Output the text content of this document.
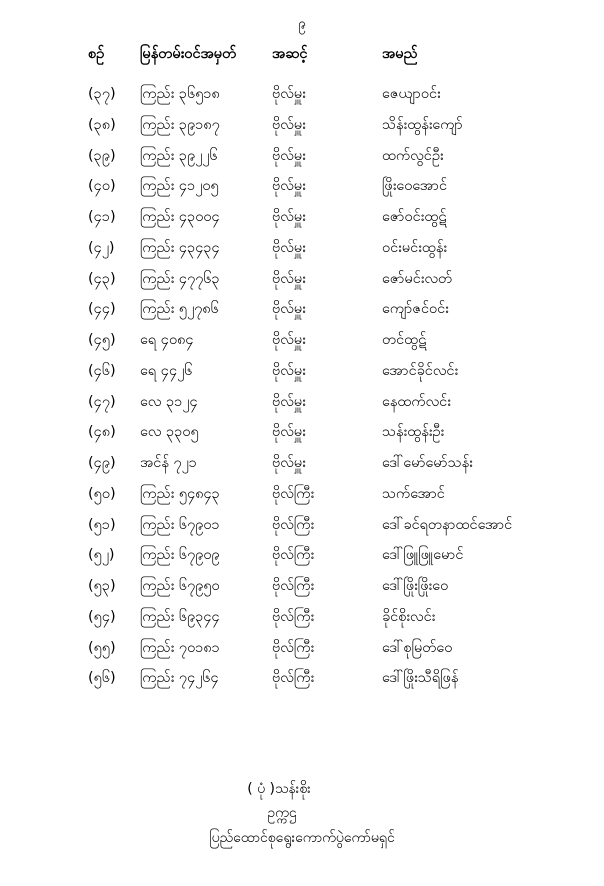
၉
စဥ်	မြန်တမ်းဝင်အမှတ်	အဆင့်	အမည်
(၃၇)	ကြည်း ၃၆၅၁၈	ဗိုလ်မှူး	ဇေယျာဝင်း
(၃၈)	ကြည်း ၃၉၁၈၇	ဗိုလ်မှူး	သိန်းထွန်းကျော်
(၃၉)	ကြည်း ၃၉၂၂၆	ဗိုလ်မှူး	ထက်လွင်ဦး
(၄၀)	ကြည်း ၄၁၂၀၅	ဗိုလ်မှူး	ဖြိုးဝေအောင်
(၄၁)	ကြည်း ၄၃၀၀၄	ဗိုလ်မှူး	ဇော်ဝင်းထွဋ်
(၄၂)	ကြည်း ၄၃၄၃၄	ဗိုလ်မှူး	ဝင်းမင်းထွန်း
(၄၃)	ကြည်း ၄၇၇၆၃	ဗိုလ်မှူး	ဇော်မင်းလတ်
(၄၄)	ကြည်း ၅၂၇၈၆	ဗိုလ်မှူး	ကျော်ဇင်ဝင်း
(၄၅)	ရေ ၄၀၈၄	ဗိုလ်မှူး	တင်ထွဋ်
(၄၆)	ရေ ၄၄၂၆	ဗိုလ်မှူး	အောင်ခိုင်လင်း
(၄၇)	လေ ၃၁၂၄	ဗိုလ်မှူး	နေထက်လင်း
(၄၈)	လေ ၃၃၀၅	ဗိုလ်မှူး	သန်းထွန်းဦး
(၄၉)	အင်န် ၇၂၁	ဗိုလ်မှူး	ဒေါ်မော်မော်သန်း
(၅၀)	ကြည်း ၅၄၈၄၃	ဗိုလ်ကြီး	သက်အောင်
(၅၁)	ကြည်း ၆၇၉၀၁	ဗိုလ်ကြီး	ဒေါ်ခင်ရတနာထင်အောင်
(၅၂)	ကြည်း ၆၇၉၀၉	ဗိုလ်ကြီး	ဒေါ်ဖြူဖြူမောင်
(၅၃)	ကြည်း ၆၇၉၅၀	ဗိုလ်ကြီး	ဒေါ်ဖြိုးဖြိုးဝေ
(၅၄)	ကြည်း ၆၉၃၄၄	ဗိုလ်ကြီး	ခိုင်စိုးလင်း
(၅၅)	ကြည်း ၇၀၁၈၁	ဗိုလ်ကြီး	ဒေါ်စုမြတ်ဝေ
(၅၆)	ကြည်း ၇၄၂၆၄	ဗိုလ်ကြီး	ဒေါ်ဖြိုးသီရိဖြန်
( ပုံ )သန်းစိုး
ဥက္ကဌ
ပြည်ထောင်စုရွေးကောက်ပွဲကော်မရှင်
